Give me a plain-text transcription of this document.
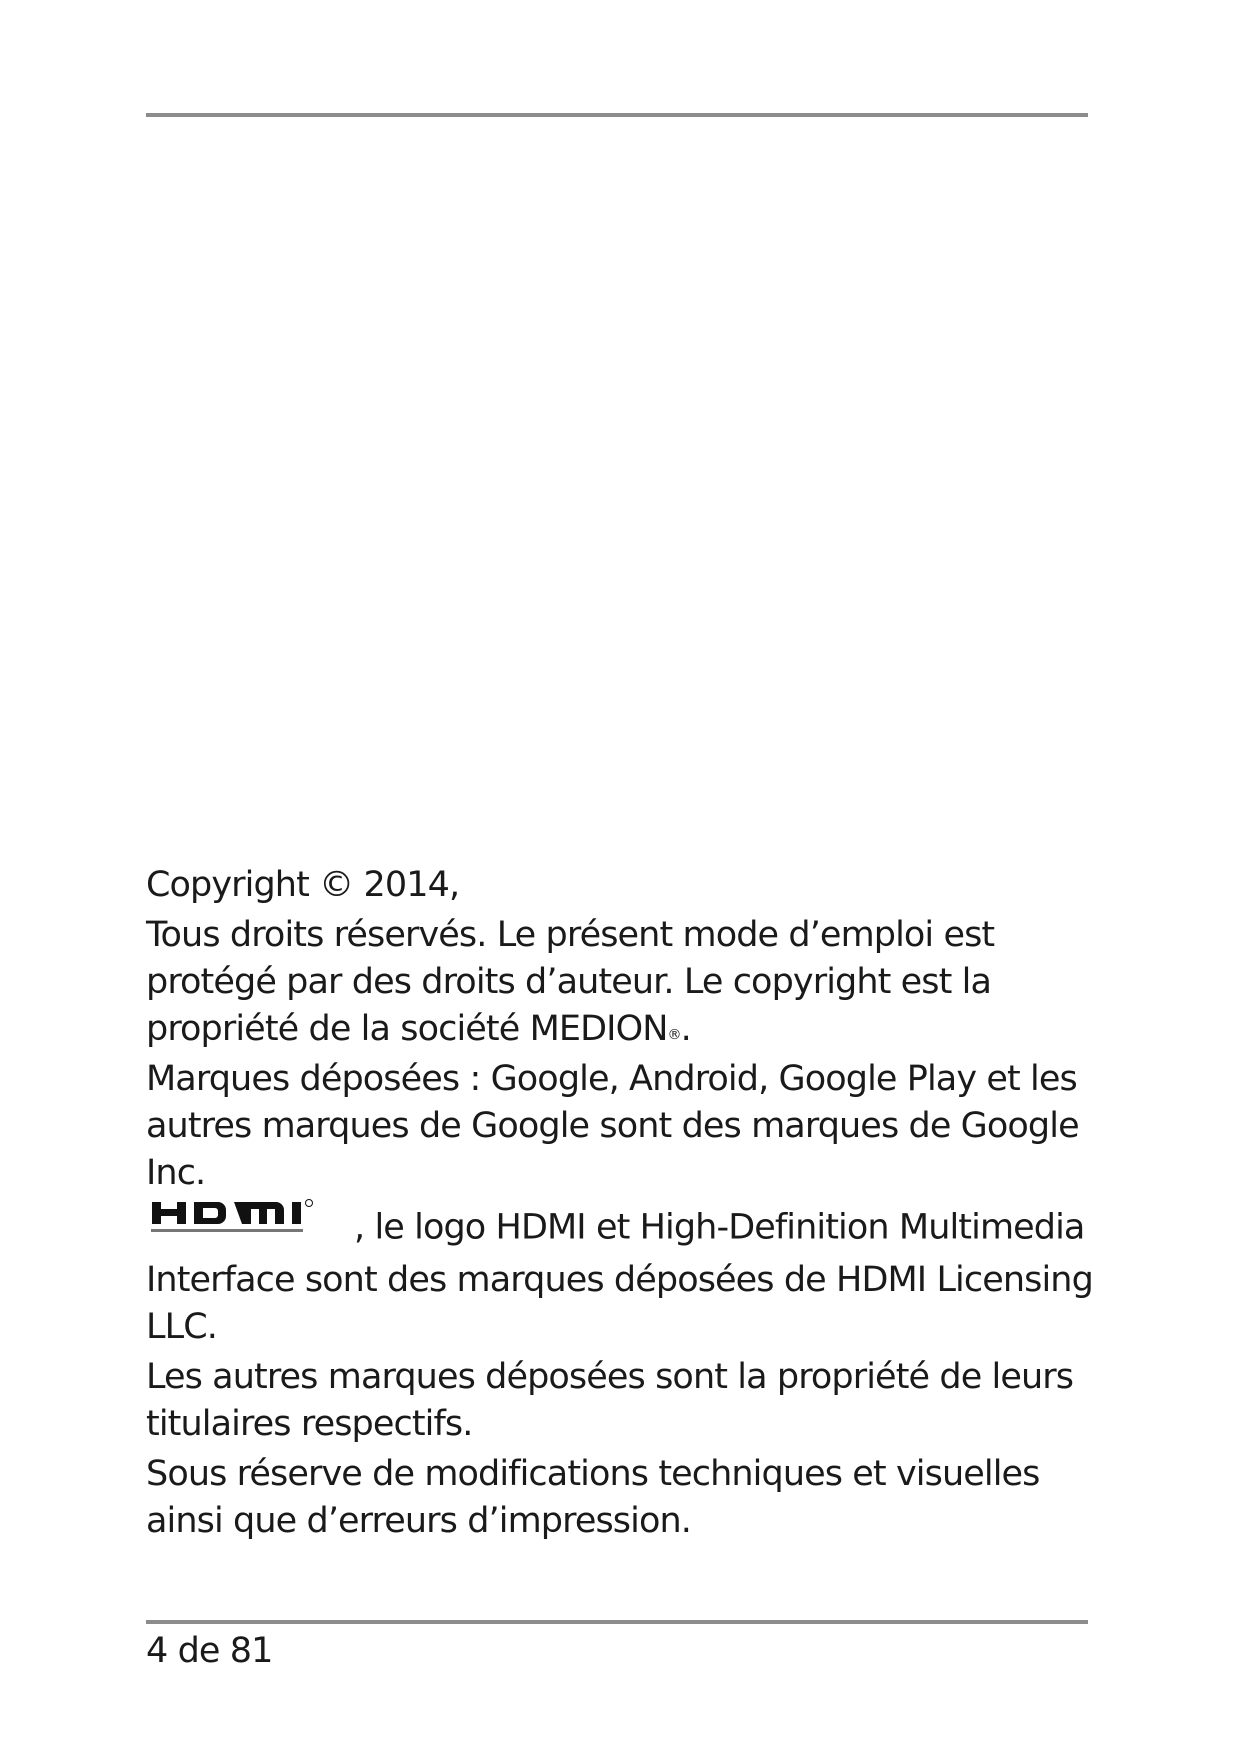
Copyright © 2014,

Tous droits réservés. Le présent mode d’emploi est protégé par des droits d’auteur. Le copyright est la propriété de la société MEDION®.

Marques déposées : Google, Android, Google Play et les autres marques de Google sont des marques de Google Inc.

, le logo HDMI et High-Definition Multimedia Interface sont des marques déposées de HDMI Licensing LLC.

Les autres marques déposées sont la propriété de leurs titulaires respectifs.

Sous réserve de modifications techniques et visuelles ainsi que d’erreurs d’impression.

4 de 81
